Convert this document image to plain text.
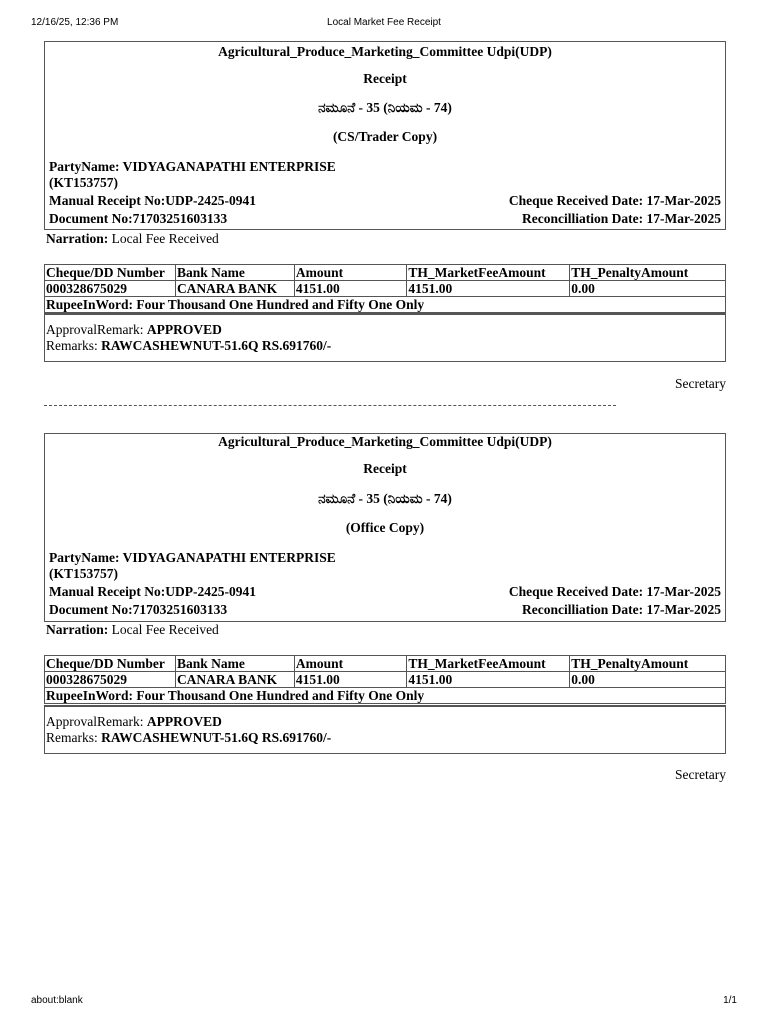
12/16/25, 12:36 PM	Local Market Fee Receipt
Agricultural_Produce_Marketing_Committee Udpi(UDP)
Receipt
ನಮೂನೆ - 35 (ನಿಯಮ - 74)
(CS/Trader Copy)
PartyName: VIDYAGANAPATHI ENTERPRISE
(KT153757)
Manual Receipt No:UDP-2425-0941	Cheque Received Date: 17-Mar-2025
Document No:71703251603133	Reconcilliation Date: 17-Mar-2025
Narration: Local Fee Received
Cheque/DD Number	Bank Name	Amount	TH_MarketFeeAmount	TH_PenaltyAmount
000328675029	CANARA BANK	4151.00	4151.00	0.00
RupeeInWord: Four Thousand One Hundred and Fifty One Only				
ApprovalRemark: APPROVED
Remarks: RAWCASHEWNUT-51.6Q RS.691760/-
Secretary
Agricultural_Produce_Marketing_Committee Udpi(UDP)
Receipt
ನಮೂನೆ - 35 (ನಿಯಮ - 74)
(Office Copy)
PartyName: VIDYAGANAPATHI ENTERPRISE
(KT153757)
Manual Receipt No:UDP-2425-0941	Cheque Received Date: 17-Mar-2025
Document No:71703251603133	Reconcilliation Date: 17-Mar-2025
Narration: Local Fee Received
Cheque/DD Number	Bank Name	Amount	TH_MarketFeeAmount	TH_PenaltyAmount
000328675029	CANARA BANK	4151.00	4151.00	0.00
RupeeInWord: Four Thousand One Hundred and Fifty One Only				
ApprovalRemark: APPROVED
Remarks: RAWCASHEWNUT-51.6Q RS.691760/-
Secretary
about:blank	1/1
